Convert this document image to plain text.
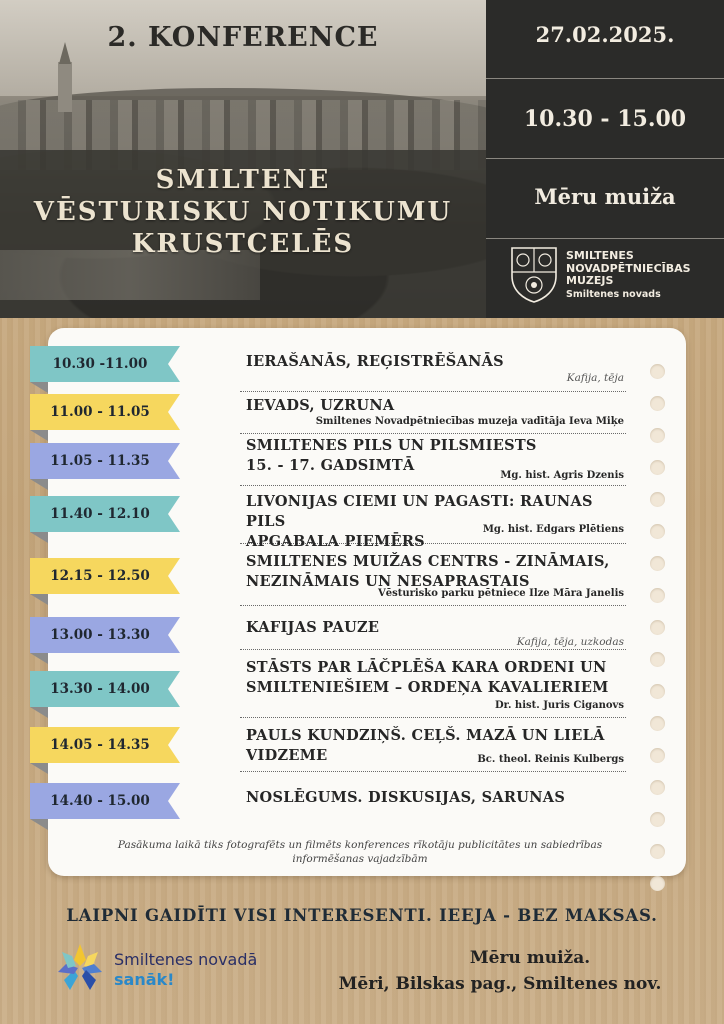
2. KONFERENCE
SMILTENE
VĒSTURISKU NOTIKUMU
KRUSTCELĒS
27.02.2025.
10.30 - 15.00
Mēru muiža
SMILTENES
NOVADPĒTNIECĪBAS
MUZEJS
Smiltenes novads
10.30 -11.00	IERAŠANĀS, REĢISTRĒŠANĀS
Kafija, tēja
11.00 - 11.05	IEVADS, UZRUNA
Smiltenes Novadpētniecības muzeja vadītāja Ieva Miķe
11.05 - 11.35
SMILTENES PILS UN PILSMIESTS
15. - 17. GADSIMTĀ
Mg. hist. Agris Dzenis
11.40 - 12.10
LIVONIJAS CIEMI UN PAGASTI: RAUNAS PILS
APGABALA PIEMĒRS
Mg. hist. Edgars Plētiens
12.15 - 12.50
SMILTENES MUIŽAS CENTRS - ZINĀMAIS,
NEZINĀMAIS UN NESAPRASTAIS
Vēsturisko parku pētniece Ilze Māra Janelis
13.00 - 13.30	KAFIJAS PAUZE
Kafija, tēja, uzkodas
13.30 - 14.00
STĀSTS PAR LĀČPLĒŠA KARA ORDENI UN
SMILTENIEŠIEM – ORDEŅA KAVALIERIEM
Dr. hist. Juris Ciganovs
14.05 - 14.35
PAULS KUNDZIŅŠ. CEĻŠ. MAZĀ UN LIELĀ
VIDZEME	Bc. theol. Reinis Kulbergs
14.40 - 15.00	NOSLĒGUMS. DISKUSIJAS, SARUNAS
Pasākuma laikā tiks fotografēts un filmēts konferences rīkotāju publicitātes un sabiedrības
informēšanas vajadzībām
LAIPNI GAIDĪTI VISI INTERESENTI. IEEJA - BEZ MAKSAS.
Smiltenes novadā
sanāk!
Mēru muiža.
Mēri, Bilskas pag., Smiltenes nov.
